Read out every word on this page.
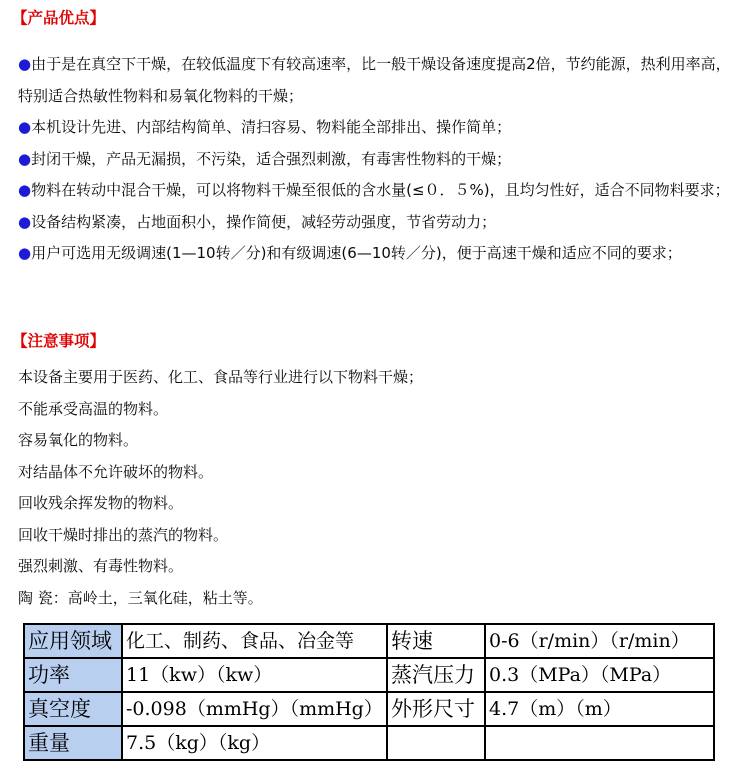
【产品优点】
●由于是在真空下干燥，在较低温度下有较高速率，比一般干燥设备速度提高2倍，节约能源，热利用率高，特别适合热敏性物料和易氧化物料的干燥；
●本机设计先进、内部结构简单、清扫容易、物料能全部排出、操作简单；
●封闭干燥，产品无漏损，不污染，适合强烈刺激，有毒害性物料的干燥；
●物料在转动中混合干燥，可以将物料干燥至很低的含水量(≤０．５%)，且均匀性好，适合不同物料要求；
●设备结构紧凑，占地面积小，操作简便，减轻劳动强度，节省劳动力；
●用户可选用无级调速(1—10转／分)和有级调速(6—10转／分)，便于高速干燥和适应不同的要求；
【注意事项】
本设备主要用于医药、化工、食品等行业进行以下物料干燥；
不能承受高温的物料。
容易氧化的物料。
对结晶体不允许破坏的物料。
回收残余挥发物的物料。
回收干燥时排出的蒸汽的物料。
强烈刺激、有毒性物料。
陶 瓷：高岭土，三氧化硅，粘土等。
应用领域	化工、制药、食品、冶金等	转速	0-6（r/min）（r/min）
功率	11（kw）（kw）	蒸汽压力	0.3（MPa）（MPa）
真空度	-0.098（mmHg）（mmHg）	外形尺寸	4.7（m）（m）
重量	7.5（kg）（kg）		
